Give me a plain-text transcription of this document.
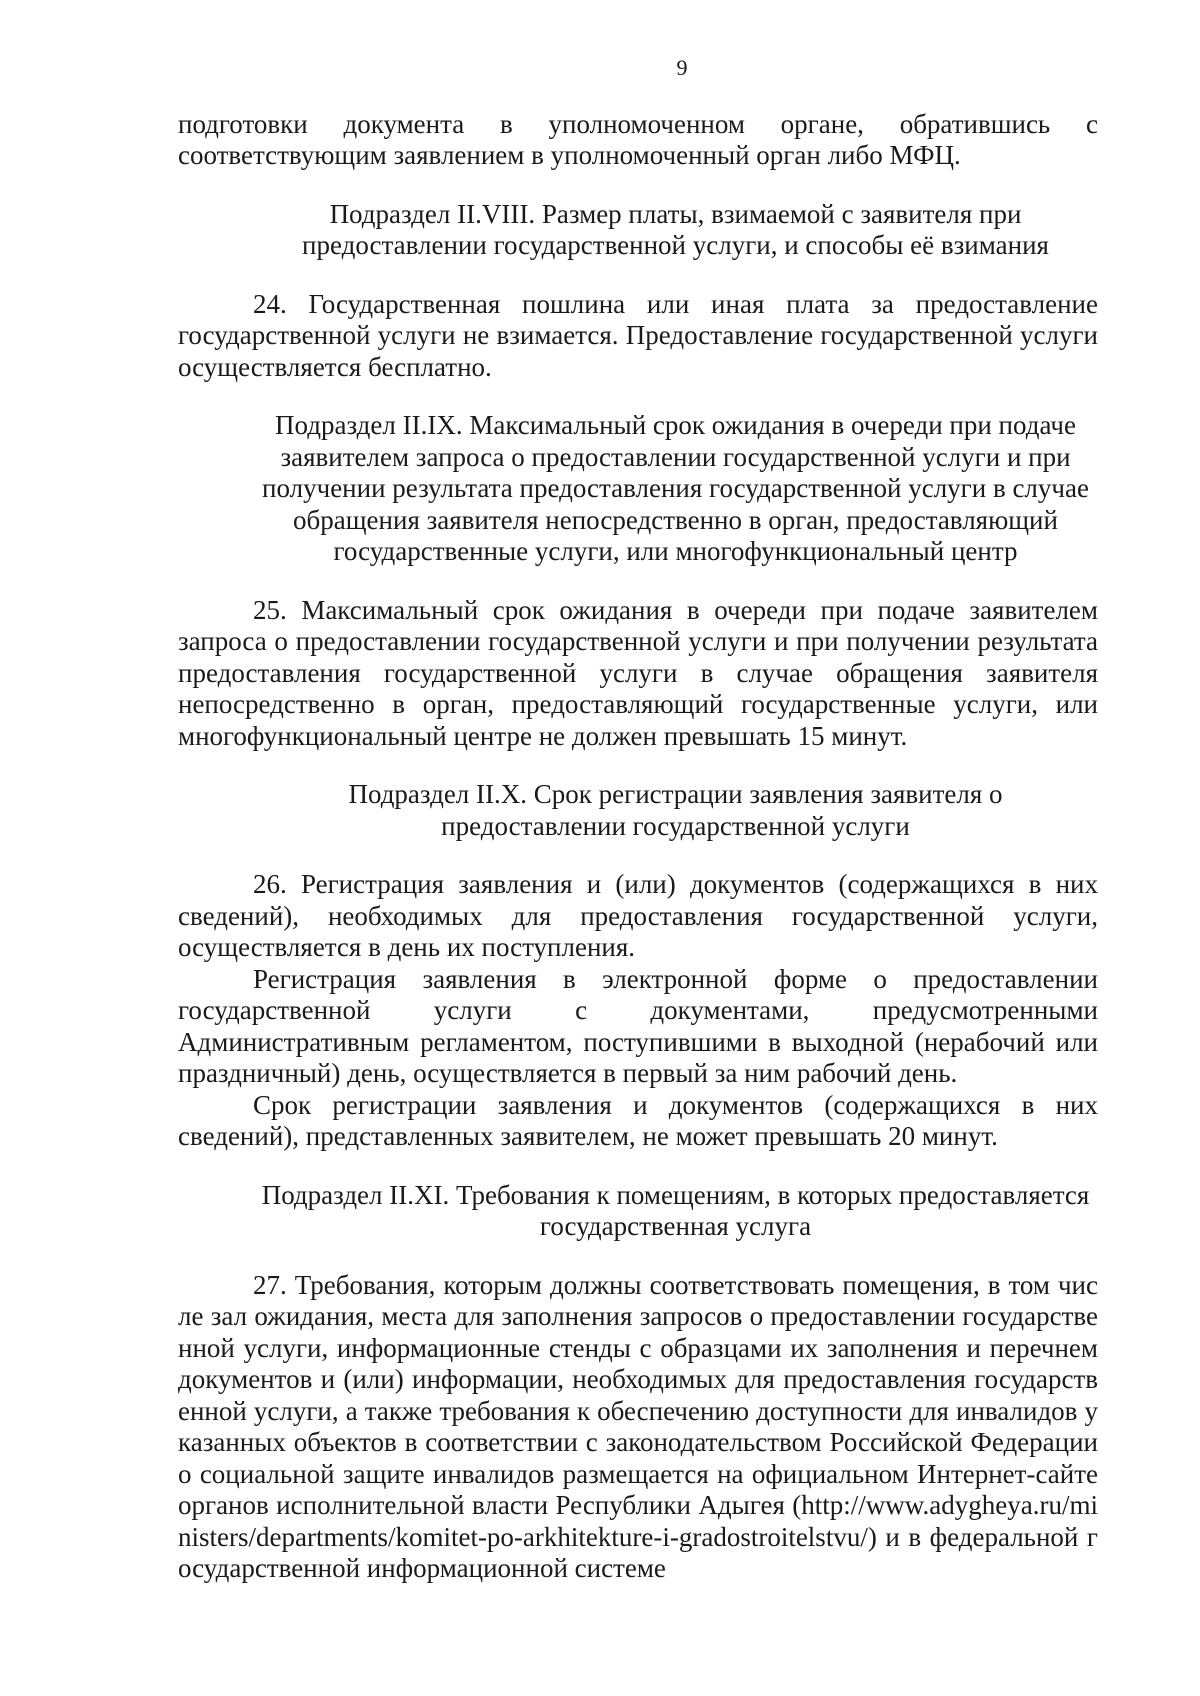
9

подготовки документа в уполномоченном органе, обратившись с соответствующим заявлением в уполномоченный орган либо МФЦ.

Подраздел II.VIII. Размер платы, взимаемой с заявителя при предоставлении государственной услуги, и способы её взимания

24. Государственная пошлина или иная плата за предоставление государственной услуги не взимается. Предоставление государственной услуги осуществляется бесплатно.

Подраздел II.IX. Максимальный срок ожидания в очереди при подаче заявителем запроса о предоставлении государственной услуги и при получении результата предоставления государственной услуги в случае обращения заявителя непосредственно в орган, предоставляющий государственные услуги, или многофункциональный центр

25. Максимальный срок ожидания в очереди при подаче заявителем запроса о предоставлении государственной услуги и при получении результата предоставления государственной услуги в случае обращения заявителя непосредственно в орган, предоставляющий государственные услуги, или многофункциональный центре не должен превышать 15 минут.

Подраздел II.X. Срок регистрации заявления заявителя о предоставлении государственной услуги

26. Регистрация заявления и (или) документов (содержащихся в них сведений), необходимых для предоставления государственной услуги, осуществляется в день их поступления.

Регистрация заявления в электронной форме о предоставлении государственной услуги с документами, предусмотренными Административным регламентом, поступившими в выходной (нерабочий или праздничный) день, осуществляется в первый за ним рабочий день.

Срок регистрации заявления и документов (содержащихся в них сведений), представленных заявителем, не может превышать 20 минут.

Подраздел II.XI. Требования к помещениям, в которых предоставляется государственная услуга

27. Требования, которым должны соответствовать помещения, в том числе зал ожидания, места для заполнения запросов о предоставлении государственной услуги, информационные стенды с образцами их заполнения и перечнем документов и (или) информации, необходимых для предоставления государственной услуги, а также требования к обеспечению доступности для инвалидов указанных объектов в соответствии с законодательством Российской Федерации о социальной защите инвалидов размещается на официальном Интернет-сайте органов исполнительной власти Республики Адыгея (http://www.adygheya.ru/ministers/departments/komitet-po-arkhitekture-i-gradostroitelstvu/) и в федеральной государственной информационной системе
